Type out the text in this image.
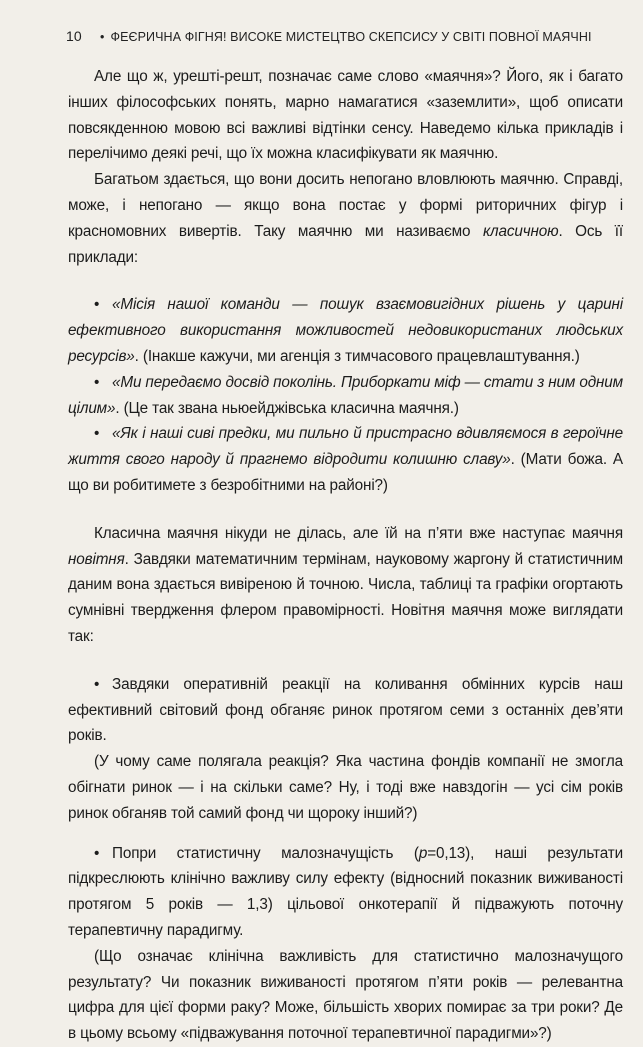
10 • ФЕЄРИЧНА ФІГНЯ! ВИСОКЕ МИСТЕЦТВО СКЕПСИСУ У СВІТІ ПОВНОЇ МАЯЧНІ

Але що ж, урешті-решт, позначає саме слово «маячня»? Його, як і багато інших філософських понять, марно намагатися «заземлити», щоб описати повсякденною мовою всі важливі відтінки сенсу. Наведемо кілька прикладів і перелічимо деякі речі, що їх можна класифікувати як маячню.

Багатьом здається, що вони досить непогано вловлюють маячню. Справді, може, і непогано — якщо вона постає у формі риторичних фігур і красномовних вивертів. Таку маячню ми називаємо класичною. Ось її приклади:

• «Місія нашої команди — пошук взаємовигідних рішень у царині ефективного використання можливостей недовикористаних людських ресурсів». (Інакше кажучи, ми агенція з тимчасового працевлаштування.)
• «Ми передаємо досвід поколінь. Приборкати міф — стати з ним одним цілим». (Це так звана ньюейджівська класична маячня.)
• «Як і наші сиві предки, ми пильно й пристрасно вдивляємося в героїчне життя свого народу й прагнемо відродити колишню славу». (Мати божа. А що ви робитимете з безробітними на районі?)

Класична маячня нікуди не ділась, але їй на п’яти вже наступає маячня новітня. Завдяки математичним термінам, науковому жаргону й статистичним даним вона здається вивіреною й точною. Числа, таблиці та графіки огортають сумнівні твердження флером правомірності. Новітня маячня може виглядати так:

• Завдяки оперативній реакції на коливання обмінних курсів наш ефективний світовий фонд обганяє ринок протягом семи з останніх дев’яти років.

(У чому саме полягала реакція? Яка частина фондів компанії не змогла обігнати ринок — і на скільки саме? Ну, і тоді вже навздогін — усі сім років ринок обганяв той самий фонд чи щороку інший?)

• Попри статистичну малозначущість (p=0,13), наші результати підкреслюють клінічно важливу силу ефекту (відносний показник виживаності протягом 5 років — 1,3) цільової онкотерапії й підважують поточну терапевтичну парадигму.

(Що означає клінічна важливість для статистично малозначущого результату? Чи показник виживаності протягом п’яти років — релевантна цифра для цієї форми раку? Може, більшість хворих помирає за три роки? Де в цьому всьому «підважування поточної терапевтичної парадигми»?)
